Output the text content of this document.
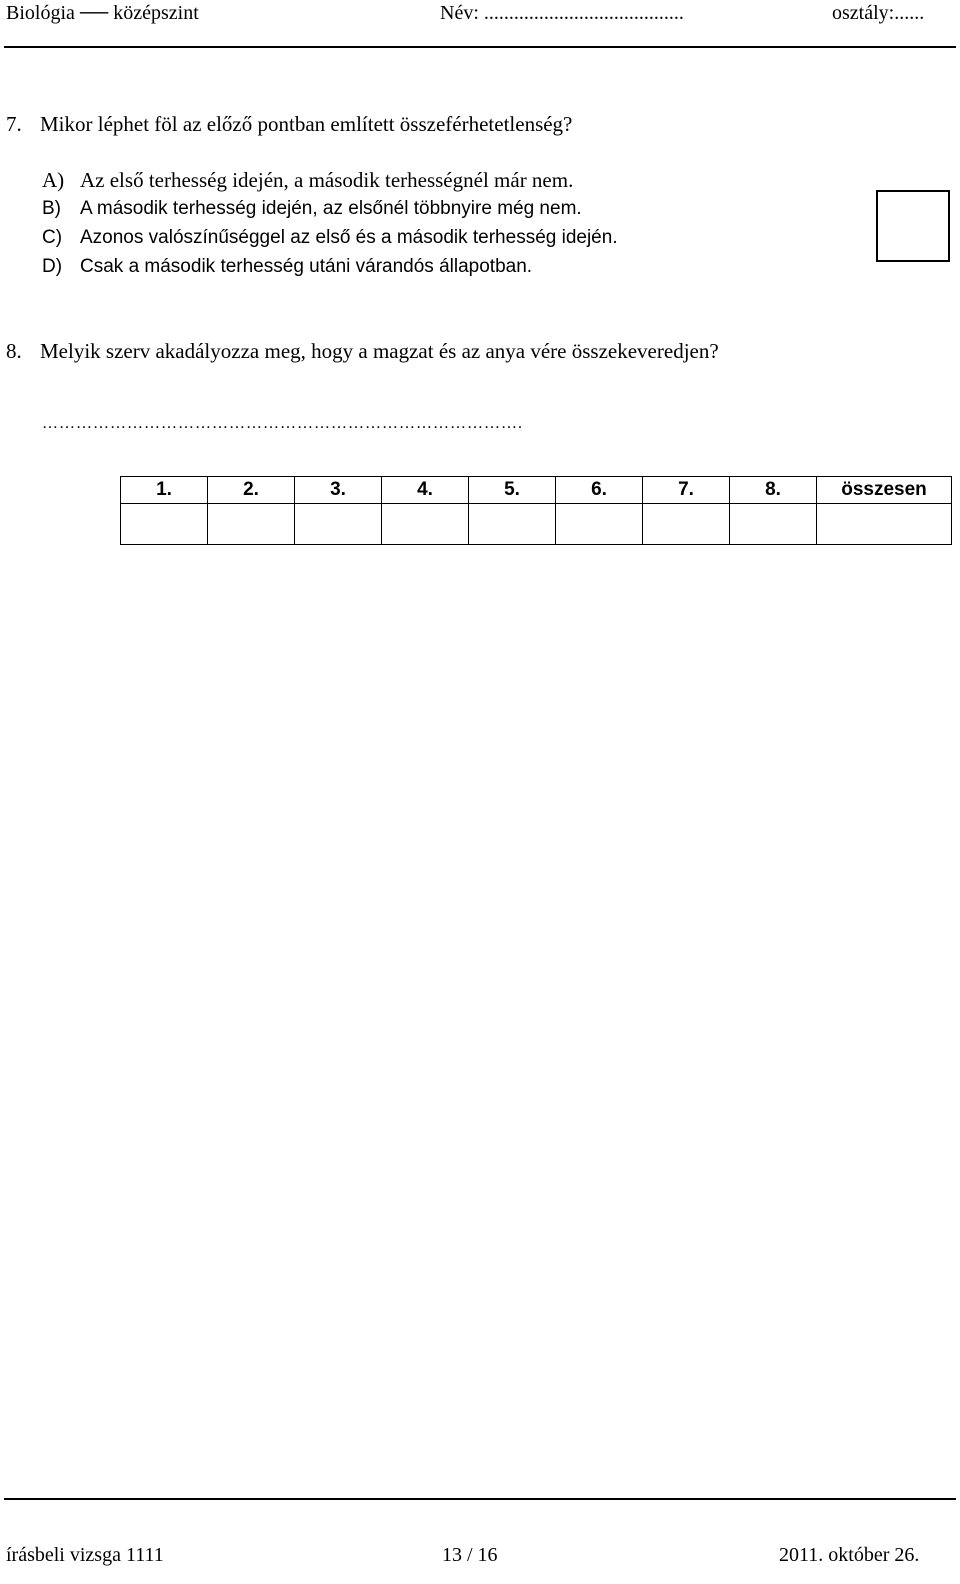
Biológia ── középszint	Név: ........................................	osztály:......
7. Mikor léphet föl az előző pontban említett összeférhetetlenség?
A) Az első terhesség idején, a második terhességnél már nem.
B) A második terhesség idején, az elsőnél többnyire még nem.
C) Azonos valószínűséggel az első és a második terhesség idején.
D) Csak a második terhesség utáni várandós állapotban.
8. Melyik szerv akadályozza meg, hogy a magzat és az anya vére összekeveredjen?
………………………………………………………………………….
1.	2.	3.	4.	5.	6.	7.	8.	összesen

írásbeli vizsga 1111	13 / 16	2011. október 26.
